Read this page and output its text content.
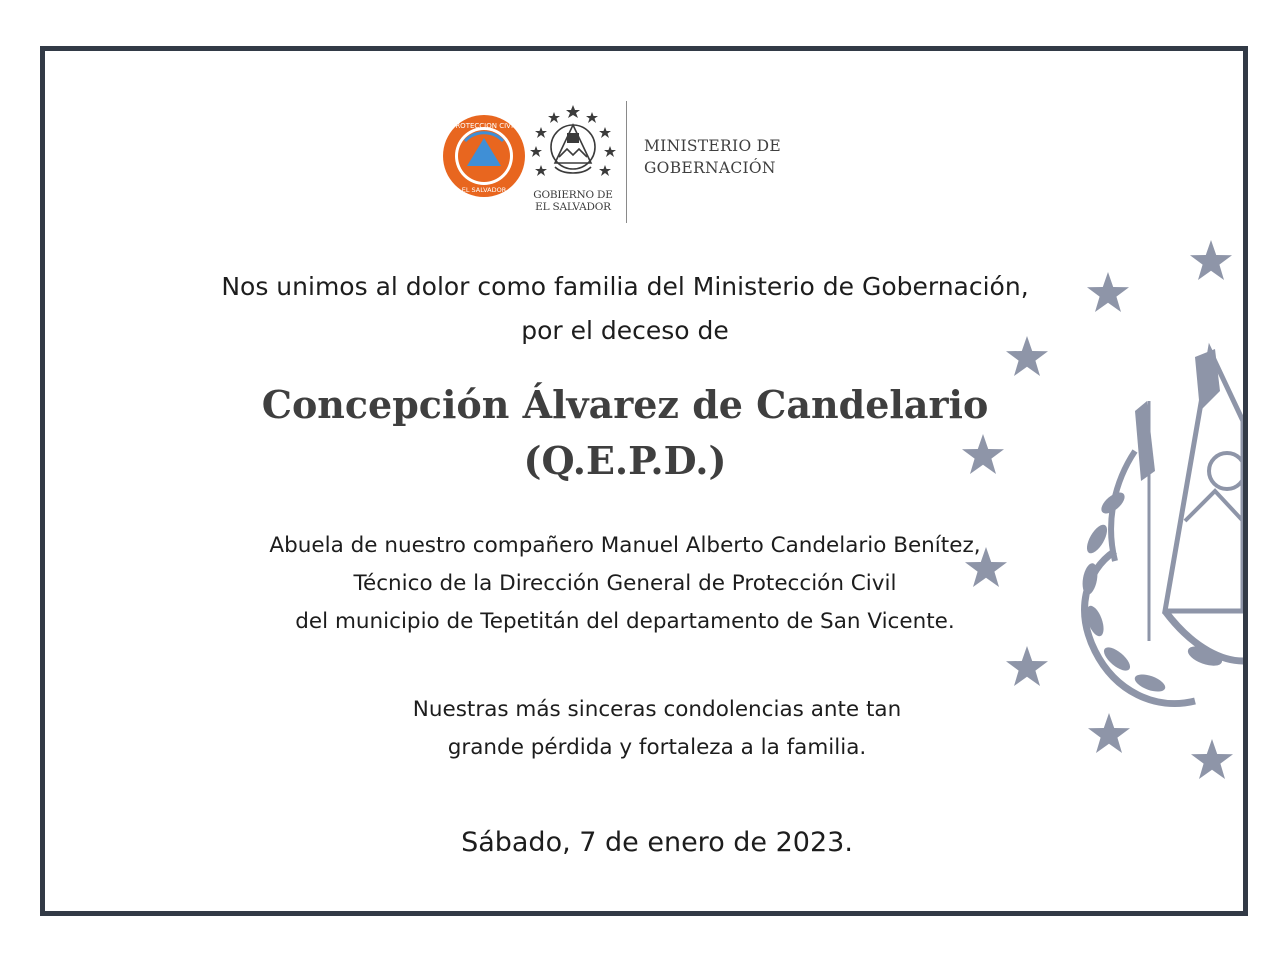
PROTECCION CIVIL
EL SALVADOR	GOBIERNO DE
EL SALVADOR
MINISTERIO DE
GOBERNACIÓN
Nos unimos al dolor como familia del Ministerio de Gobernación,
por el deceso de
Concepción Álvarez de Candelario
(Q.E.P.D.)
Abuela de nuestro compañero Manuel Alberto Candelario Benítez,
Técnico de la Dirección General de Protección Civil
del municipio de Tepetitán del departamento de San Vicente.
Nuestras más sinceras condolencias ante tan
grande pérdida y fortaleza a la familia.
Sábado, 7 de enero de 2023.
